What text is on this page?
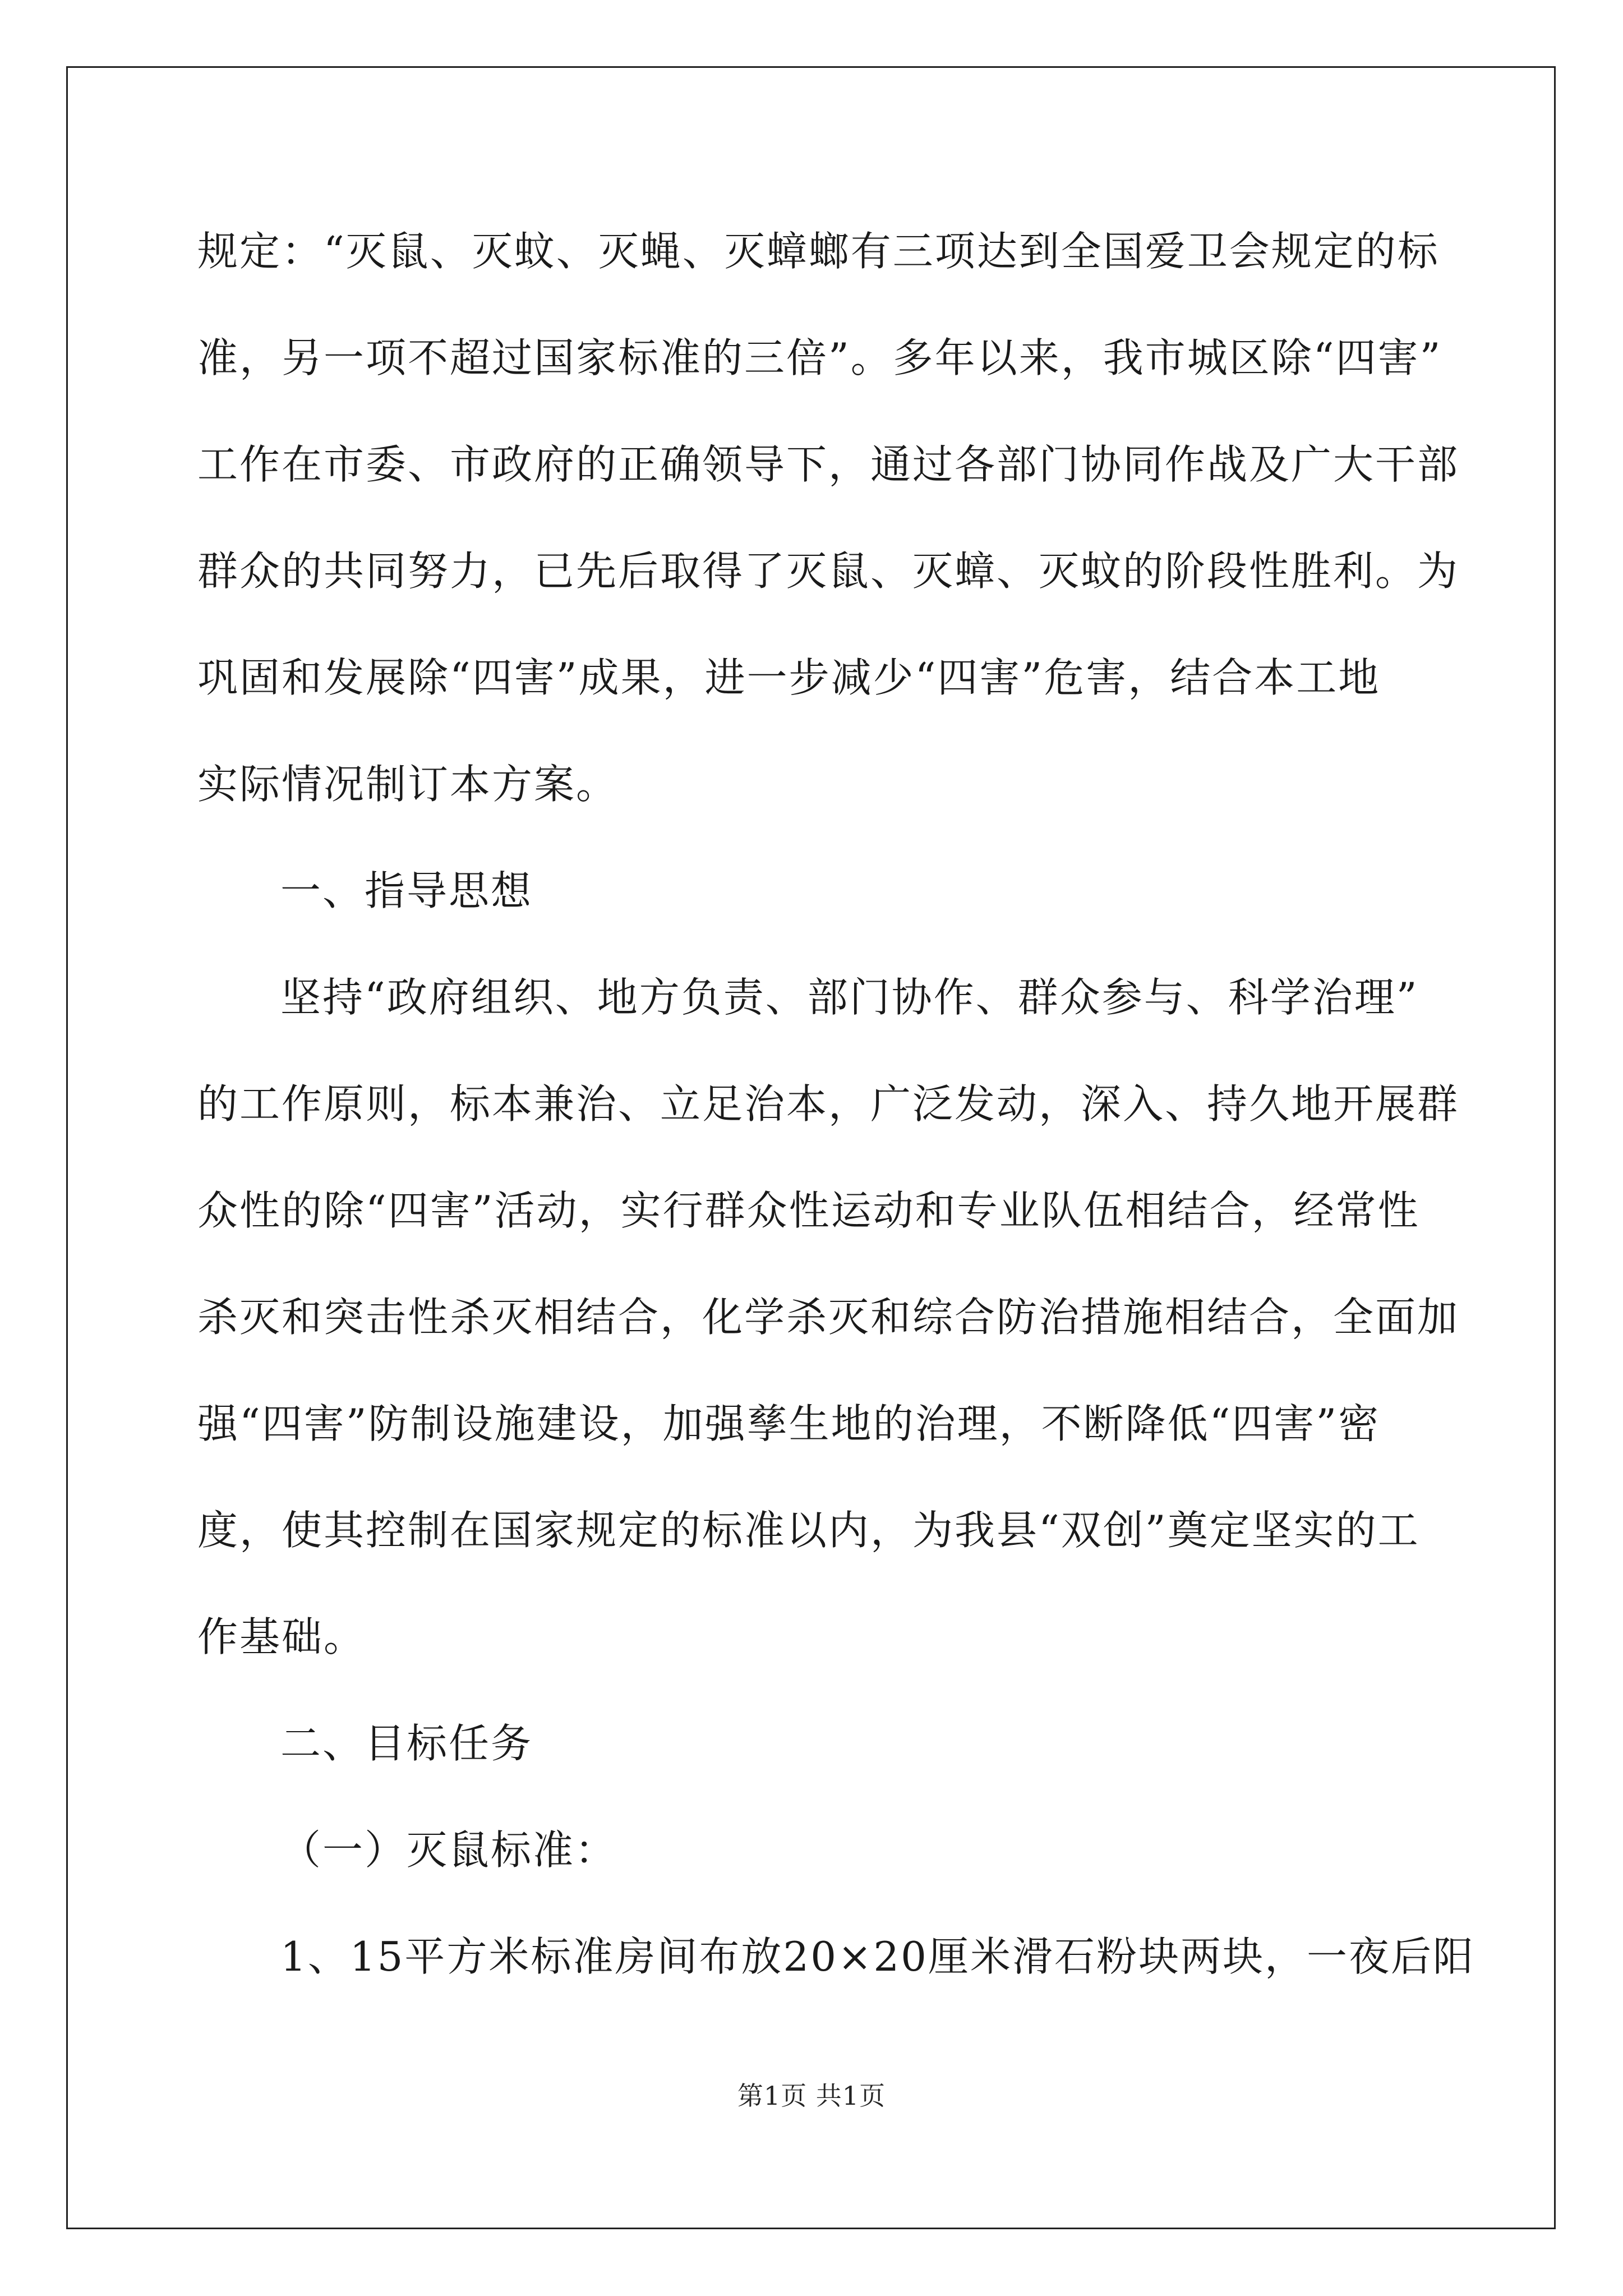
规定：“灭鼠、灭蚊、灭蝇、灭蟑螂有三项达到全国爱卫会规定的标
准，另一项不超过国家标准的三倍”。多年以来，我市城区除“四害”
工作在市委、市政府的正确领导下，通过各部门协同作战及广大干部
群众的共同努力，已先后取得了灭鼠、灭蟑、灭蚊的阶段性胜利。为
巩固和发展除“四害”成果，进一步减少“四害”危害，结合本工地
实际情况制订本方案。
一、指导思想
坚持“政府组织、地方负责、部门协作、群众参与、科学治理”
的工作原则，标本兼治、立足治本，广泛发动，深入、持久地开展群
众性的除“四害”活动，实行群众性运动和专业队伍相结合，经常性
杀灭和突击性杀灭相结合，化学杀灭和综合防治措施相结合，全面加
强“四害”防制设施建设，加强孳生地的治理，不断降低“四害”密
度，使其控制在国家规定的标准以内，为我县“双创”奠定坚实的工
作基础。
二、目标任务
（一）灭鼠标准：
1、15平方米标准房间布放20×20厘米滑石粉块两块，一夜后阳
第1页 共1页
